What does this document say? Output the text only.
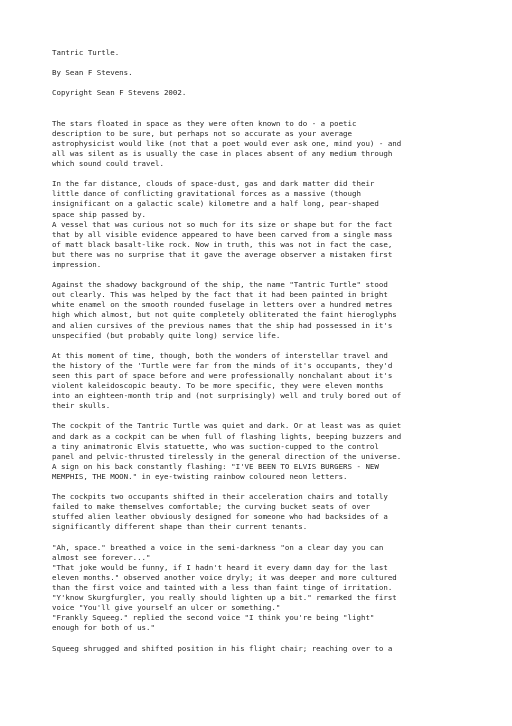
Tantric Turtle.
By Sean F Stevens.
Copyright Sean F Stevens 2002.
The stars floated in space as they were often known to do - a poetic
description to be sure, but perhaps not so accurate as your average
astrophysicist would like (not that a poet would ever ask one, mind you) - and
all was silent as is usually the case in places absent of any medium through
which sound could travel.
In the far distance, clouds of space-dust, gas and dark matter did their
little dance of conflicting gravitational forces as a massive (though
insignificant on a galactic scale) kilometre and a half long, pear-shaped
space ship passed by.
A vessel that was curious not so much for its size or shape but for the fact
that by all visible evidence appeared to have been carved from a single mass
of matt black basalt-like rock. Now in truth, this was not in fact the case,
but there was no surprise that it gave the average observer a mistaken first
impression.
Against the shadowy background of the ship, the name "Tantric Turtle" stood
out clearly. This was helped by the fact that it had been painted in bright
white enamel on the smooth rounded fuselage in letters over a hundred metres
high which almost, but not quite completely obliterated the faint hieroglyphs
and alien cursives of the previous names that the ship had possessed in it's
unspecified (but probably quite long) service life.
At this moment of time, though, both the wonders of interstellar travel and
the history of the 'Turtle were far from the minds of it's occupants, they'd
seen this part of space before and were professionally nonchalant about it's
violent kaleidoscopic beauty. To be more specific, they were eleven months
into an eighteen-month trip and (not surprisingly) well and truly bored out of
their skulls.
The cockpit of the Tantric Turtle was quiet and dark. Or at least was as quiet
and dark as a cockpit can be when full of flashing lights, beeping buzzers and
a tiny animatronic Elvis statuette, who was suction-cupped to the control
panel and pelvic-thrusted tirelessly in the general direction of the universe.
A sign on his back constantly flashing: "I'VE BEEN TO ELVIS BURGERS - NEW
MEMPHIS, THE MOON." in eye-twisting rainbow coloured neon letters.
The cockpits two occupants shifted in their acceleration chairs and totally
failed to make themselves comfortable; the curving bucket seats of over
stuffed alien leather obviously designed for someone who had backsides of a
significantly different shape than their current tenants.
"Ah, space." breathed a voice in the semi-darkness "on a clear day you can
almost see forever..."
"That joke would be funny, if I hadn't heard it every damn day for the last
eleven months." observed another voice dryly; it was deeper and more cultured
than the first voice and tainted with a less than faint tinge of irritation.
"Y'know Skurgfurgler, you really should lighten up a bit." remarked the first
voice "You'll give yourself an ulcer or something."
"Frankly Squeeg." replied the second voice "I think you're being "light"
enough for both of us."
Squeeg shrugged and shifted position in his flight chair; reaching over to a
